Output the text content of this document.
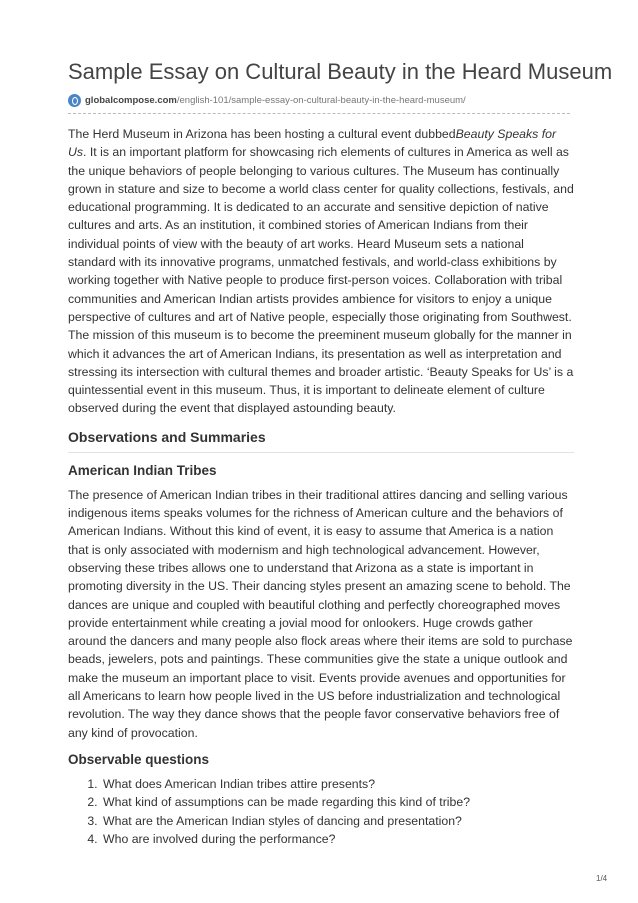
Sample Essay on Cultural Beauty in the Heard Museum
globalcompose.com/english-101/sample-essay-on-cultural-beauty-in-the-heard-museum/

The Herd Museum in Arizona has been hosting a cultural event dubbedBeauty Speaks for Us. It is an important platform for showcasing rich elements of cultures in America as well as the unique behaviors of people belonging to various cultures. The Museum has continually grown in stature and size to become a world class center for quality collections, festivals, and educational programming. It is dedicated to an accurate and sensitive depiction of native cultures and arts. As an institution, it combined stories of American Indians from their individual points of view with the beauty of art works. Heard Museum sets a national standard with its innovative programs, unmatched festivals, and world-class exhibitions by working together with Native people to produce first-person voices. Collaboration with tribal communities and American Indian artists provides ambience for visitors to enjoy a unique perspective of cultures and art of Native people, especially those originating from Southwest. The mission of this museum is to become the preeminent museum globally for the manner in which it advances the art of American Indians, its presentation as well as interpretation and stressing its intersection with cultural themes and broader artistic. ‘Beauty Speaks for Us’ is a quintessential event in this museum. Thus, it is important to delineate element of culture observed during the event that displayed astounding beauty.

Observations and Summaries
American Indian Tribes

The presence of American Indian tribes in their traditional attires dancing and selling various indigenous items speaks volumes for the richness of American culture and the behaviors of American Indians. Without this kind of event, it is easy to assume that America is a nation that is only associated with modernism and high technological advancement. However, observing these tribes allows one to understand that Arizona as a state is important in promoting diversity in the US. Their dancing styles present an amazing scene to behold. The dances are unique and coupled with beautiful clothing and perfectly choreographed moves provide entertainment while creating a jovial mood for onlookers. Huge crowds gather around the dancers and many people also flock areas where their items are sold to purchase beads, jewelers, pots and paintings. These communities give the state a unique outlook and make the museum an important place to visit. Events provide avenues and opportunities for all Americans to learn how people lived in the US before industrialization and technological revolution. The way they dance shows that the people favor conservative behaviors free of any kind of provocation.

Observable questions
1. What does American Indian tribes attire presents?
2. What kind of assumptions can be made regarding this kind of tribe?
3. What are the American Indian styles of dancing and presentation?
4. Who are involved during the performance?
1/4
